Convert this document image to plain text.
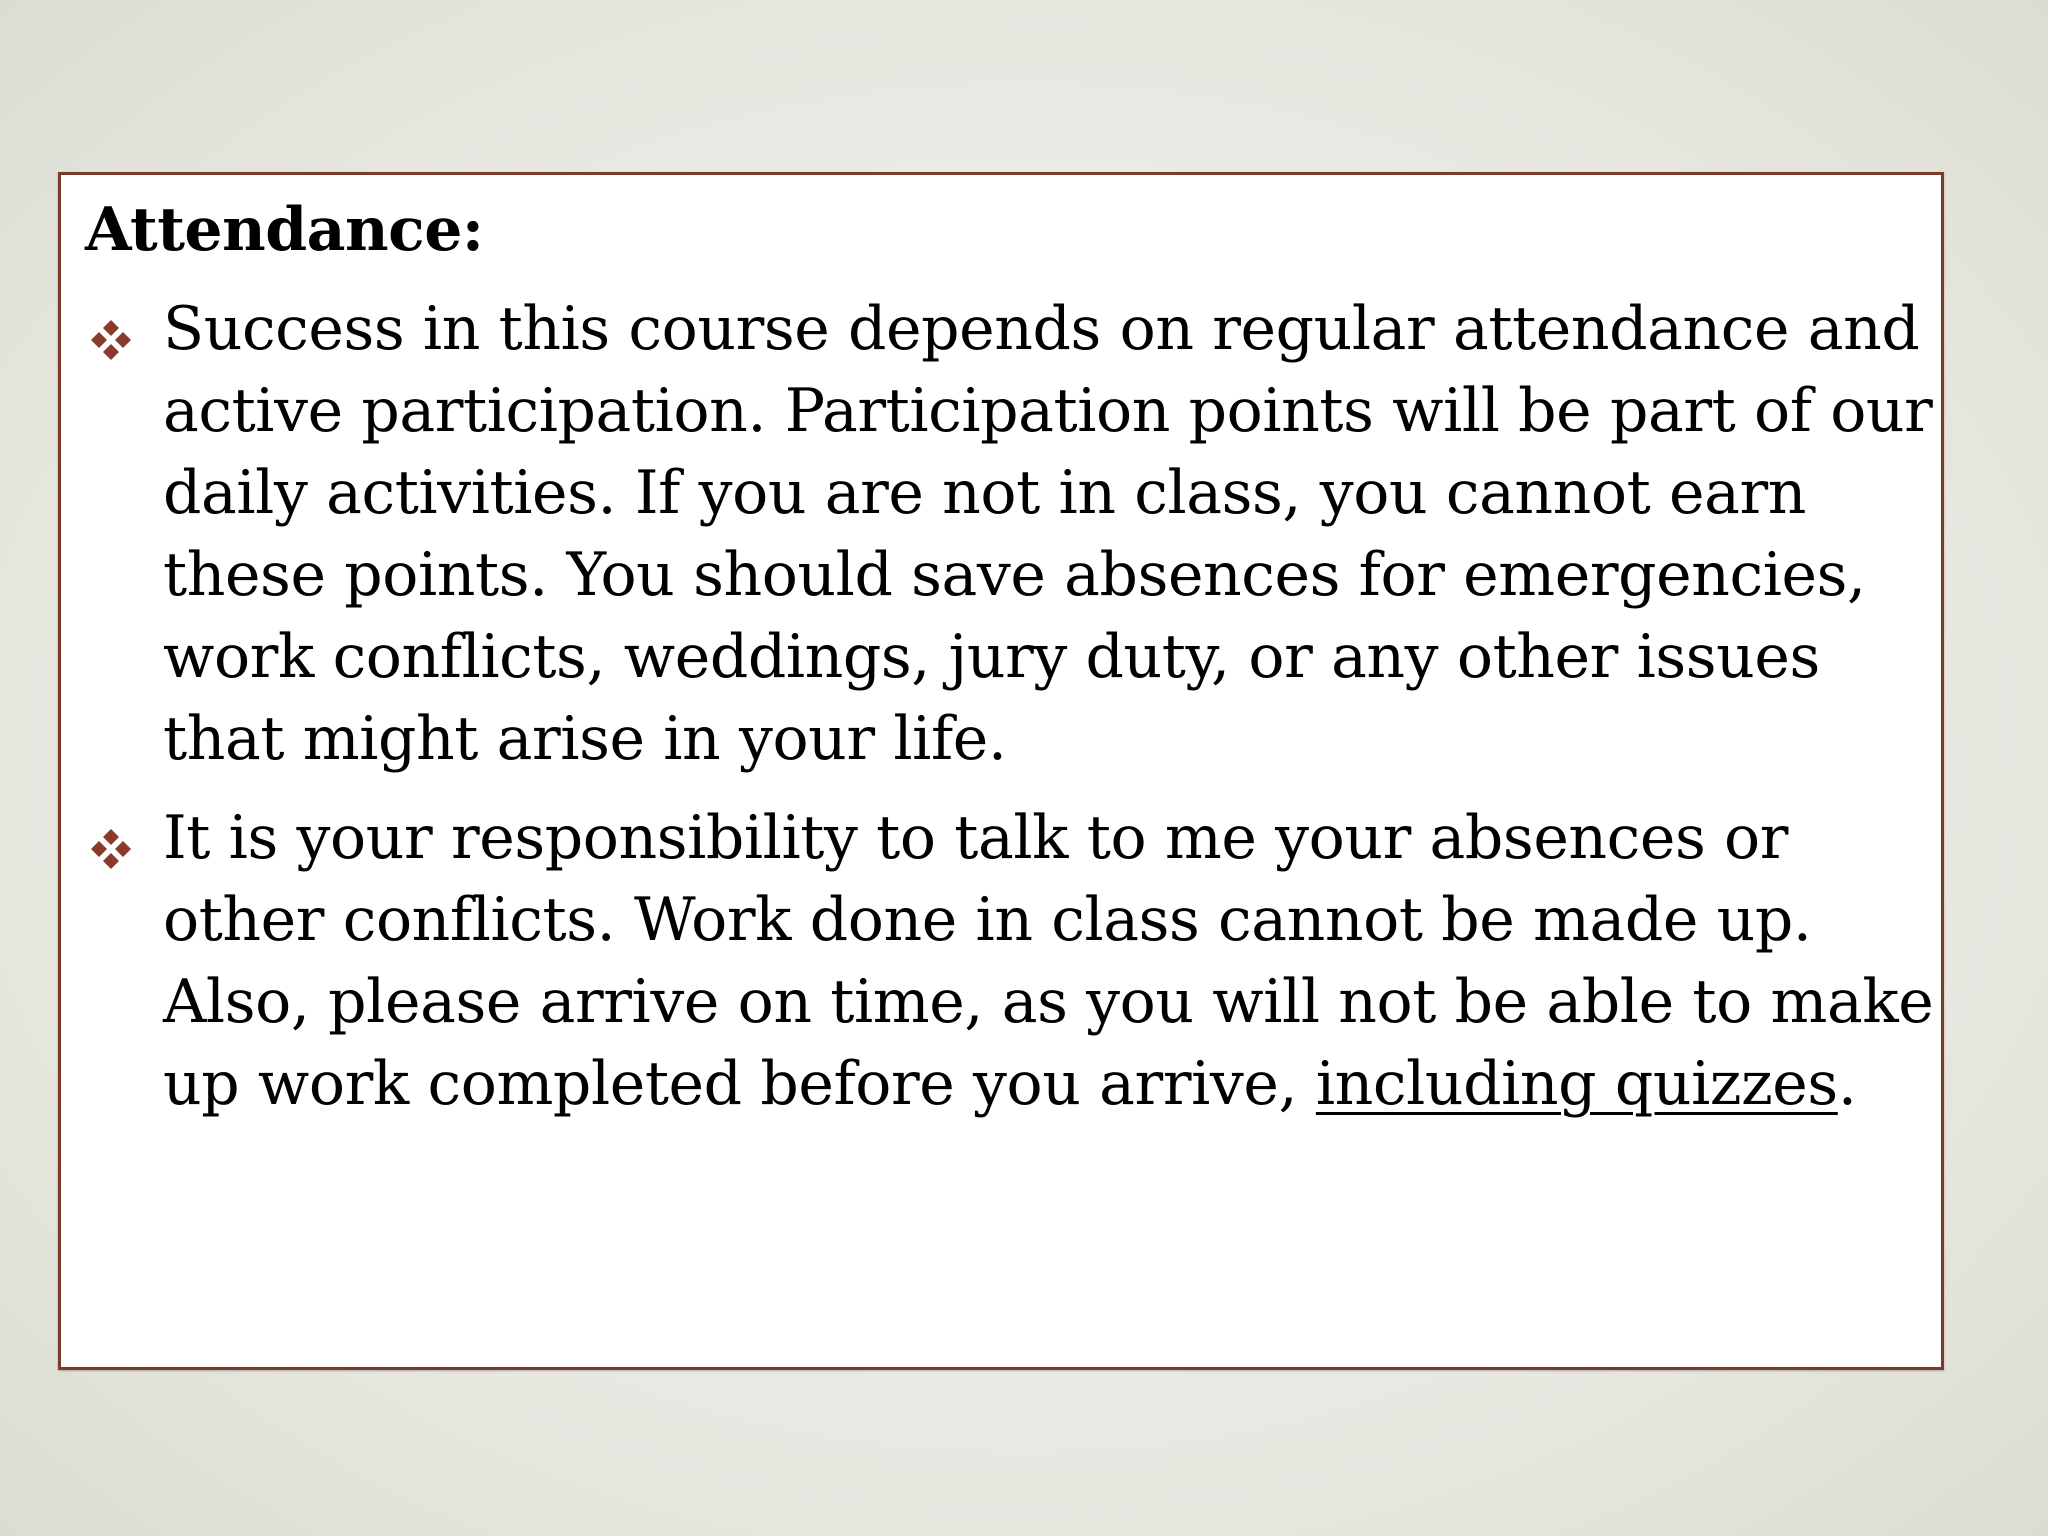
Attendance:
Success in this course depends on regular attendance and active participation. Participation points will be part of our daily activities. If you are not in class, you cannot earn these points. You should save absences for emergencies, work conflicts, weddings, jury duty, or any other issues that might arise in your life.
It is your responsibility to talk to me your absences or other conflicts. Work done in class cannot be made up. Also, please arrive on time, as you will not be able to make up work completed before you arrive, including quizzes.
